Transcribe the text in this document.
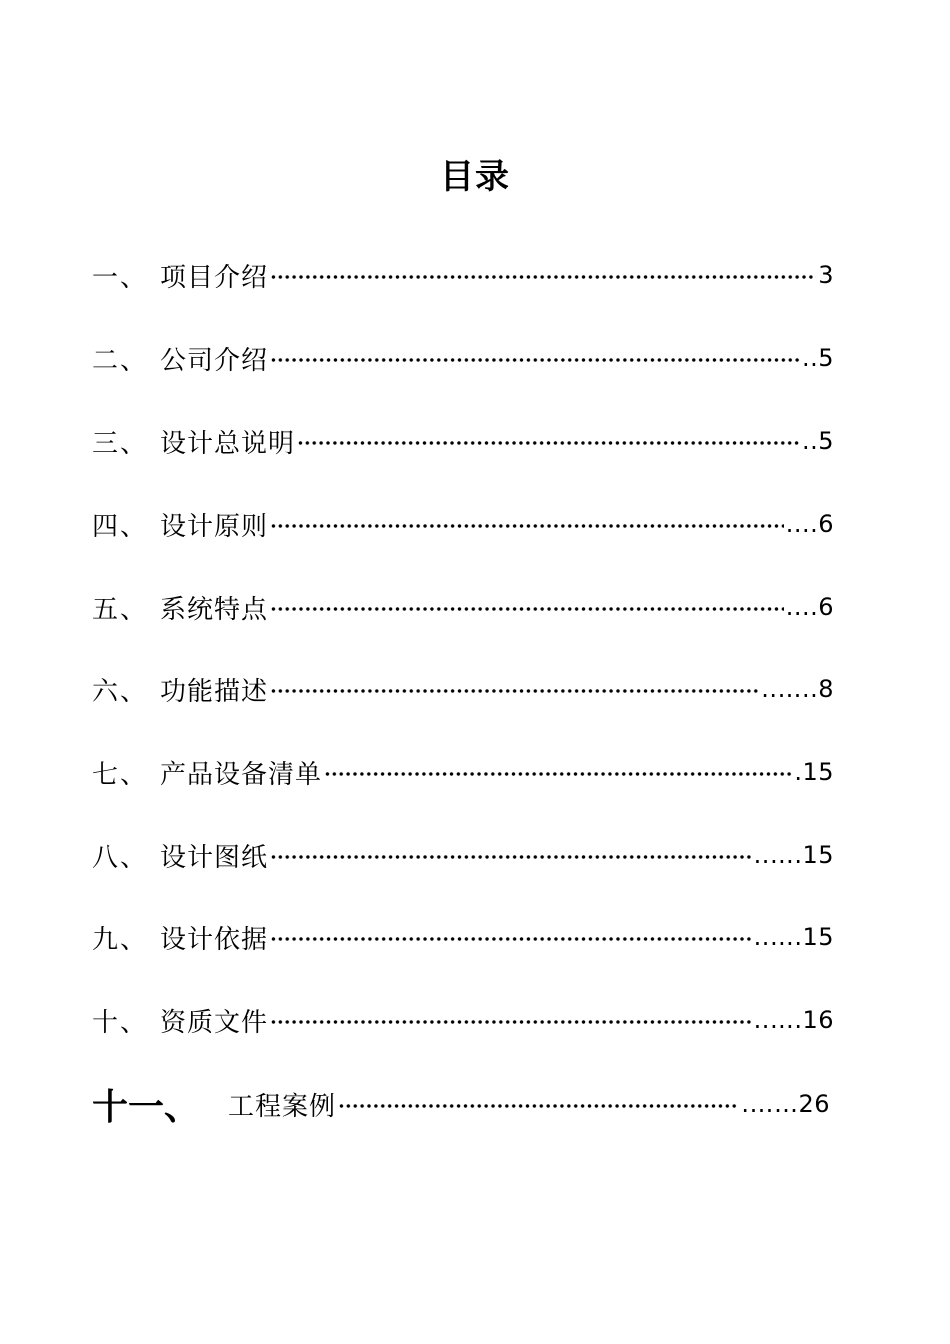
目录
一、 项目介绍	3
二、 公司介绍	..5
三、 设计总说明	..5
四、 设计原则	....6
五、 系统特点	....6
六、 功能描述	..…..8
七、 产品设备清单	.15
八、 设计图纸	..….15
九、 设计依据	..….15
十、 资质文件	..….16
十一、	工程案例	.……26
